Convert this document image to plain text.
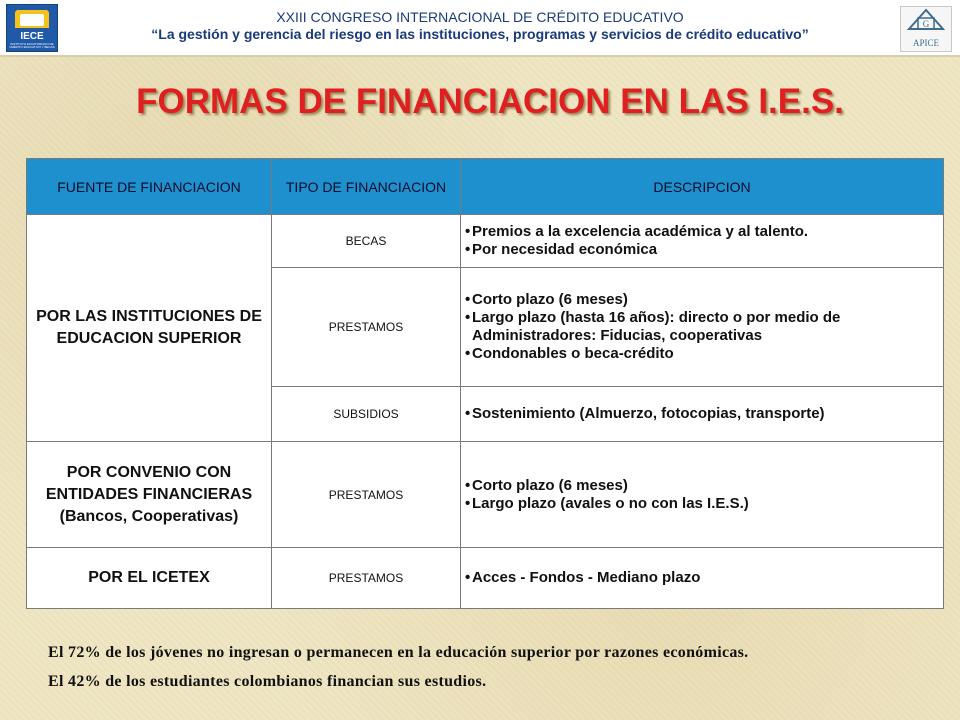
IECE
INSTITUTO ECUATORIANO DE CRÉDITO EDUCATIVO Y BECAS
XXIII CONGRESO INTERNACIONAL DE CRÉDITO EDUCATIVO
“La gestión y gerencia del riesgo en las instituciones, programas y servicios de crédito educativo”
G
APICE
FORMAS DE FINANCIACION EN LAS I.E.S.
FUENTE DE FINANCIACION	TIPO DE FINANCIACION	DESCRIPCION
POR LAS INSTITUCIONES DE EDUCACION SUPERIOR	BECAS	• Premios a la excelencia académica y al talento.
• Por necesidad económica

	PRESTAMOS	• Corto plazo (6 meses)
• Largo plazo (hasta 16 años): directo o por medio de Administradores: Fiducias, cooperativas
• Condonables o beca-crédito

	SUBSIDIOS	• Sostenimiento (Almuerzo, fotocopias, transporte)

POR CONVENIO CON ENTIDADES FINANCIERAS (Bancos, Cooperativas)	PRESTAMOS	• Corto plazo (6 meses)
• Largo plazo (avales o no con las I.E.S.)

POR EL ICETEX	PRESTAMOS	• Acces - Fondos - Mediano plazo
El 72% de los jóvenes no ingresan o permanecen en la educación superior por razones económicas.
El 42% de los estudiantes colombianos financian sus estudios.
